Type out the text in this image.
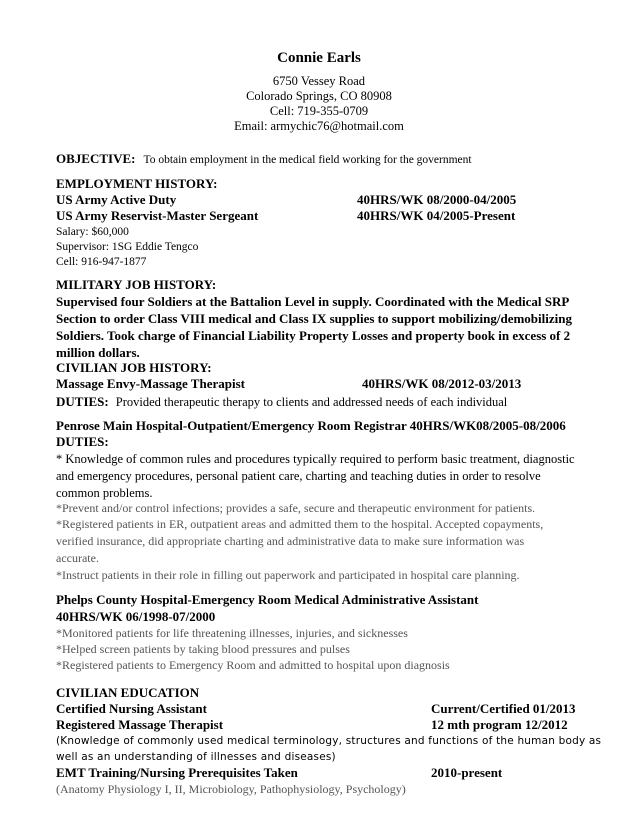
Connie Earls
6750 Vessey Road
Colorado Springs, CO 80908
Cell: 719-355-0709
Email: armychic76@hotmail.com
OBJECTIVE: To obtain employment in the medical field working for the government
EMPLOYMENT HISTORY:
US Army Active Duty	40HRS/WK 08/2000-04/2005
US Army Reservist-Master Sergeant	40HRS/WK 04/2005-Present
Salary: $60,000
Supervisor: 1SG Eddie Tengco
Cell: 916-947-1877
MILITARY JOB HISTORY:
Supervised four Soldiers at the Battalion Level in supply. Coordinated with the Medical SRP
Section to order Class VIII medical and Class IX supplies to support mobilizing/demobilizing
Soldiers. Took charge of Financial Liability Property Losses and property book in excess of 2
million dollars.
CIVILIAN JOB HISTORY:
Massage Envy-Massage Therapist	40HRS/WK 08/2012-03/2013
DUTIES: Provided therapeutic therapy to clients and addressed needs of each individual
Penrose Main Hospital-Outpatient/Emergency Room Registrar 40HRS/WK08/2005-08/2006
DUTIES:
* Knowledge of common rules and procedures typically required to perform basic treatment, diagnostic
and emergency procedures, personal patient care, charting and teaching duties in order to resolve
common problems.
*Prevent and/or control infections; provides a safe, secure and therapeutic environment for patients.
*Registered patients in ER, outpatient areas and admitted them to the hospital. Accepted copayments,
verified insurance, did appropriate charting and administrative data to make sure information was
accurate.
*Instruct patients in their role in filling out paperwork and participated in hospital care planning.
Phelps County Hospital-Emergency Room Medical Administrative Assistant
40HRS/WK 06/1998-07/2000
*Monitored patients for life threatening illnesses, injuries, and sicknesses
*Helped screen patients by taking blood pressures and pulses
*Registered patients to Emergency Room and admitted to hospital upon diagnosis
CIVILIAN EDUCATION
Certified Nursing Assistant	Current/Certified 01/2013
Registered Massage Therapist	12 mth program 12/2012
(Knowledge of commonly used medical terminology, structures and functions of the human body as
well as an understanding of illnesses and diseases)
EMT Training/Nursing Prerequisites Taken	2010-present
(Anatomy Physiology I, II, Microbiology, Pathophysiology, Psychology)
